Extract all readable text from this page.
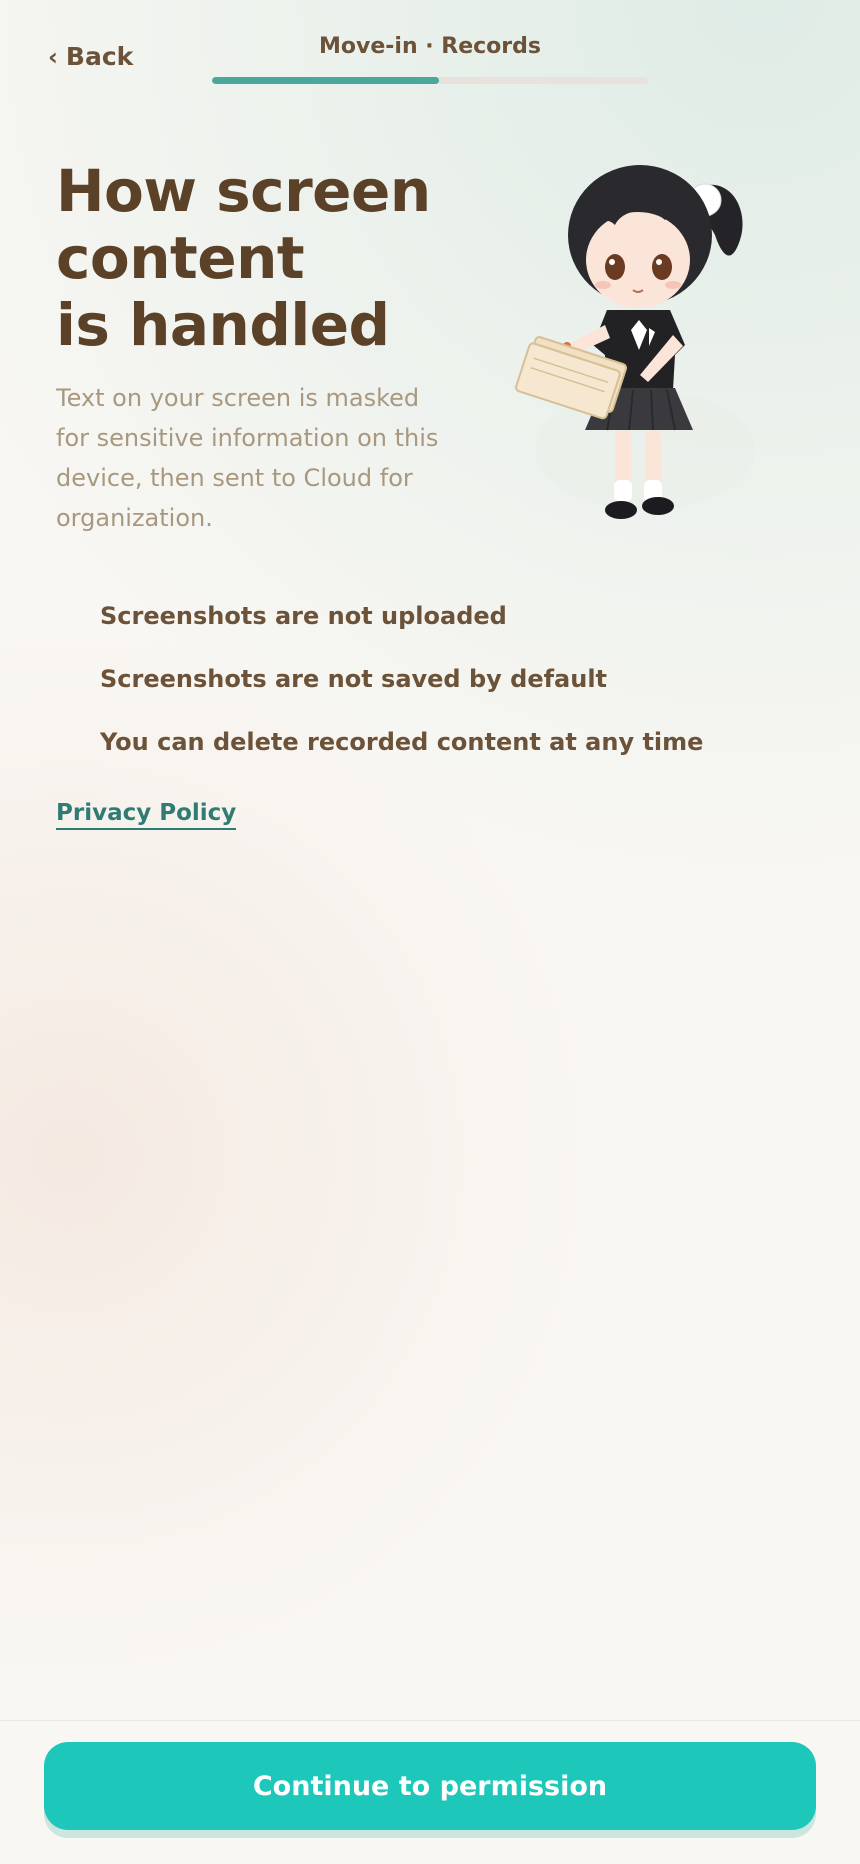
‹ Back	Move-in · Records
How screen
content
is handled

Text on your screen is masked for sensitive information on this device, then sent to Cloud for organization.

Screenshots are not uploaded
Screenshots are not saved by default
You can delete recorded content at any time
Privacy Policy
Continue to permission
